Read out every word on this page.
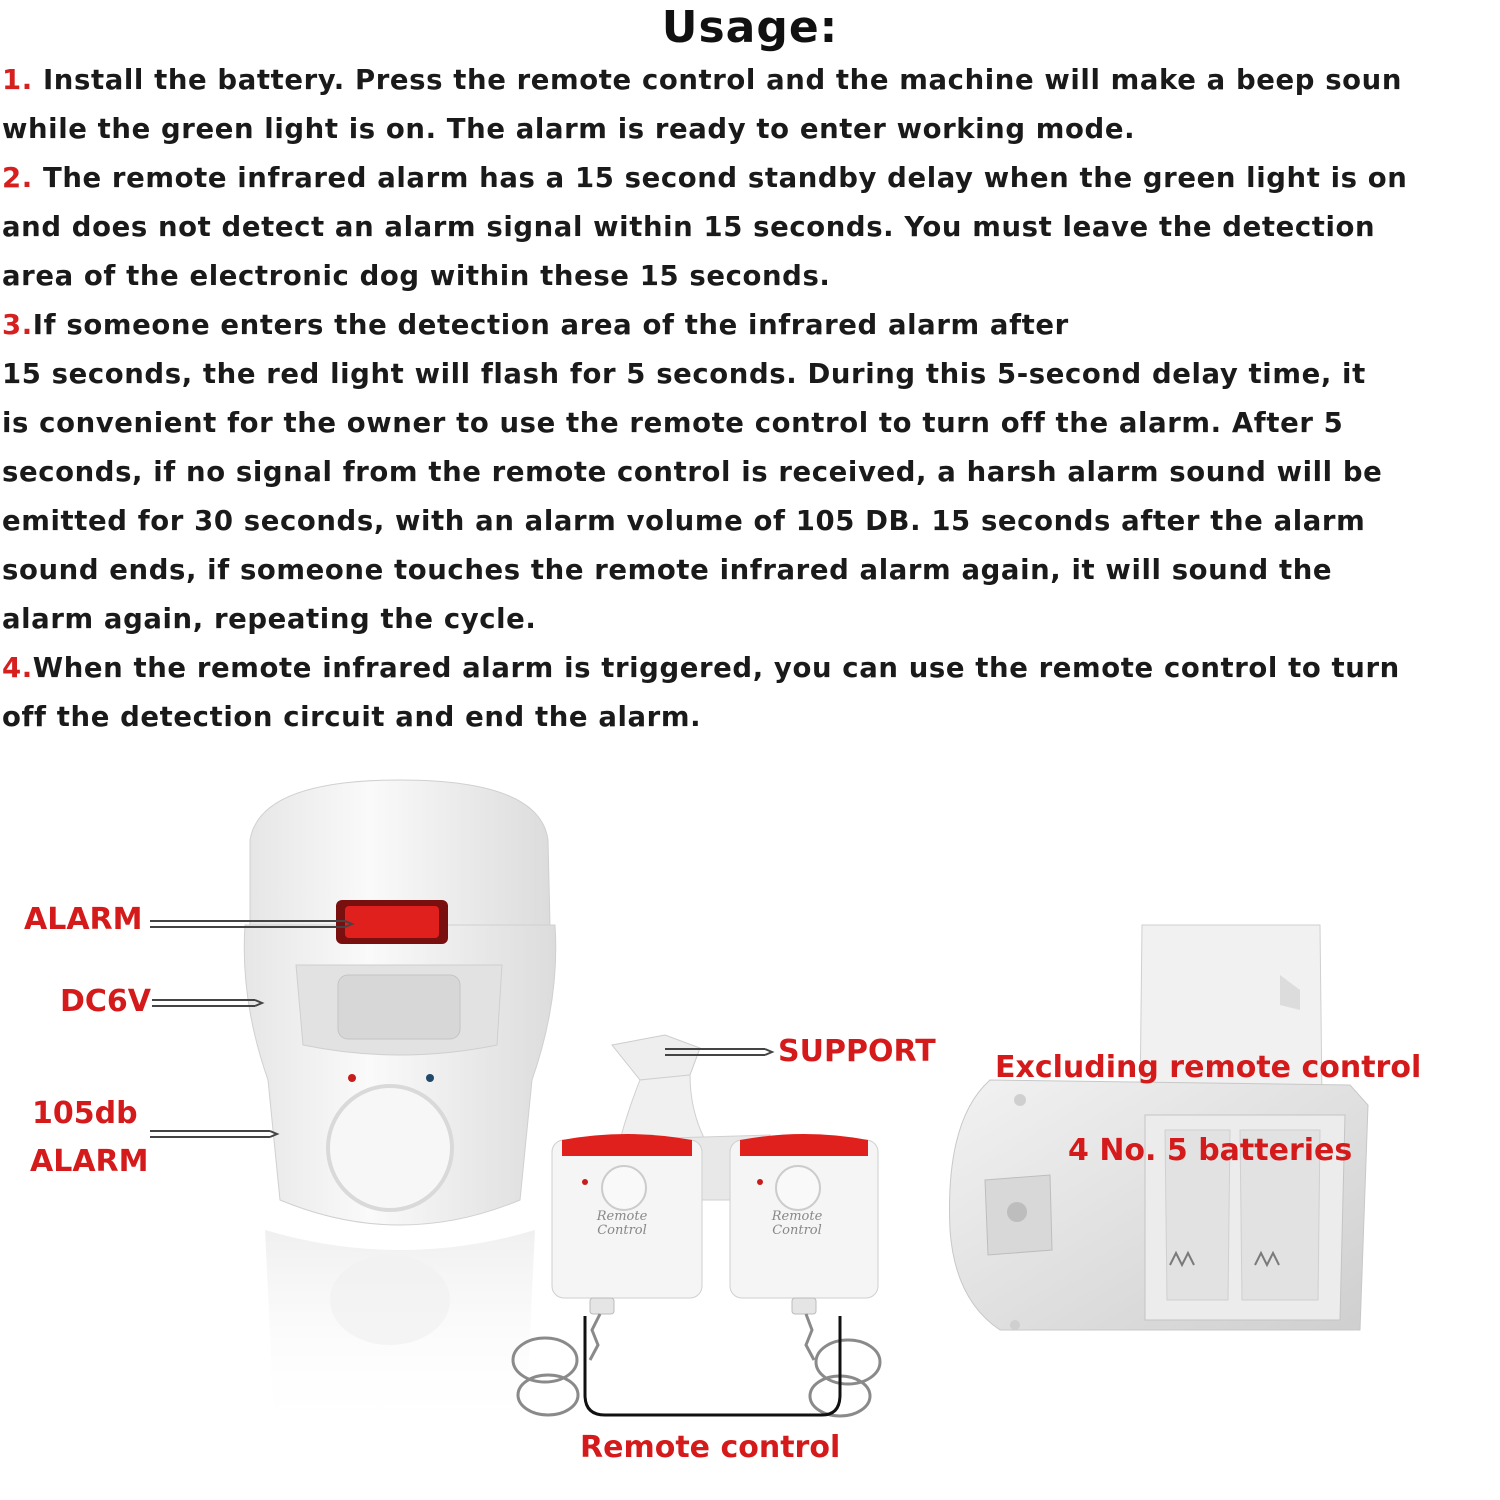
Usage:

1. Install the battery. Press the remote control and the machine will make a beep soun

while the green light is on. The alarm is ready to enter working mode.

2. The remote infrared alarm has a 15 second standby delay when the green light is on

and does not detect an alarm signal within 15 seconds. You must leave the detection

area of the electronic dog within these 15 seconds.

3.If someone enters the detection area of the infrared alarm after

15 seconds, the red light will flash for 5 seconds. During this 5-second delay time, it

is convenient for the owner to use the remote control to turn off the alarm. After 5

seconds, if no signal from the remote control is received, a harsh alarm sound will be

emitted for 30 seconds, with an alarm volume of 105 DB. 15 seconds after the alarm

sound ends, if someone touches the remote infrared alarm again, it will sound the

alarm again, repeating the cycle.

4.When the remote infrared alarm is triggered, you can use the remote control to turn

off the detection circuit and end the alarm.

Remote
Control
Remote
Control
ALARM
DC6V
105db
ALARM
SUPPORT Excluding remote control
4 No. 5 batteries
Remote control
